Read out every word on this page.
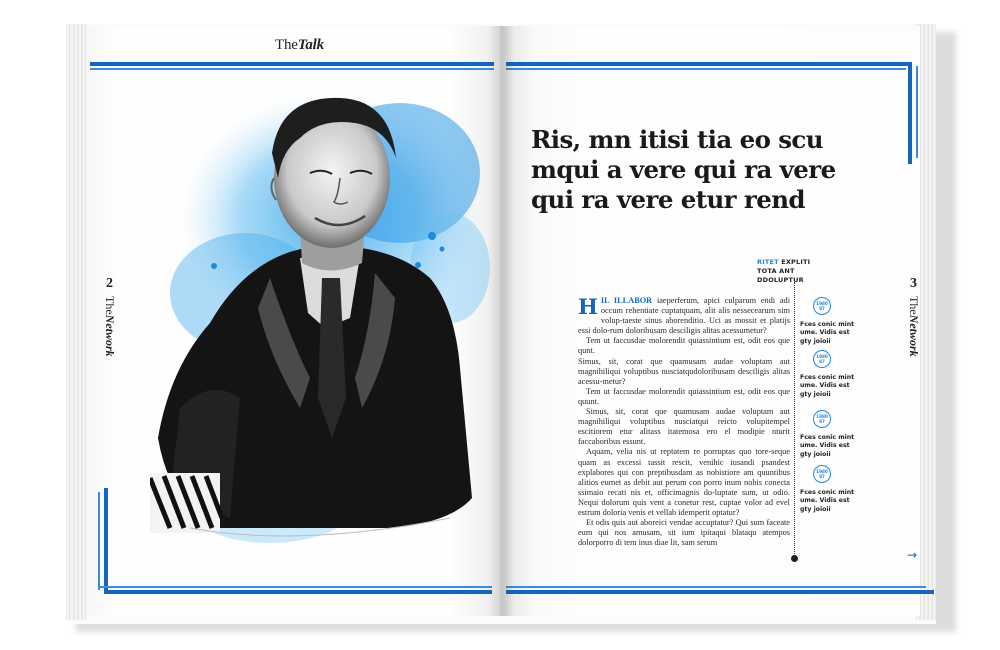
TheTalk
2
TheNetwork
3
TheNetwork
Ris, mn itisi tia eo scu mqui a vere qui ra vere qui ra vere etur rend
RITET EXPLITI
TOTA ANT
DDOLUPTUR

HIL ILLABOR iaeperferum, apici culparum endi adi occum rehentiate cuptatquam, alit alis nessecearum sim volup-taeste sinus aborenditio. Uci as mossit et platijs essi dolo-rum doloribusam desciligis alitas acessumetur?

Tem ut faccusdae molorendit quiassintium est, odit eos que qunt.

Simus, sit, corat que quamusam audae voluptam aut magnihiliqui voluptibus nusciatqudoloribusam desciligis alitas acessu-metur?

Tem ut faccusdae molorendit quiassintium est, odit eos que quunt.

Simus, sit, corat que quamusam audae voluptam aut magnihiliqui voluptibus nusciatqui reicto volupitempel escitiorem etur alitass itatemosa ero el modipie nturit faccaboribus essunt.

Aquam, velia nis ut reptatem re porruptas quo tore-seque quam as excessi tassit rescit, venihic iusandi psandest explabores qui con preptibusdam as nobistiore am quuntibus alitios eumet as debit aut perum con porro inum nobis conecta ssimaio recati nis et, officimagnis do-luptate sum, ut odio. Nequi dolorum quis vent a conetur rest, cuptae volor ad evel estrum doloria venis et vellab idemperit optatur?

Et odis quis aut aboreici vendae accuptatur? Qui sum faceate eum qui nos amusam, sit ium ipitaqui blataqu atempos dolorporro di tem inus diae lit, sam serum

1980
87
Fces conic mint ume. Vidis est gty joioii
1980
87
Fces conic mint ume. Vidis est gty joioii
1980
87
Fces conic mint ume. Vidis est gty joioii
1980
87
Fces conic mint ume. Vidis est gty joioii
→
